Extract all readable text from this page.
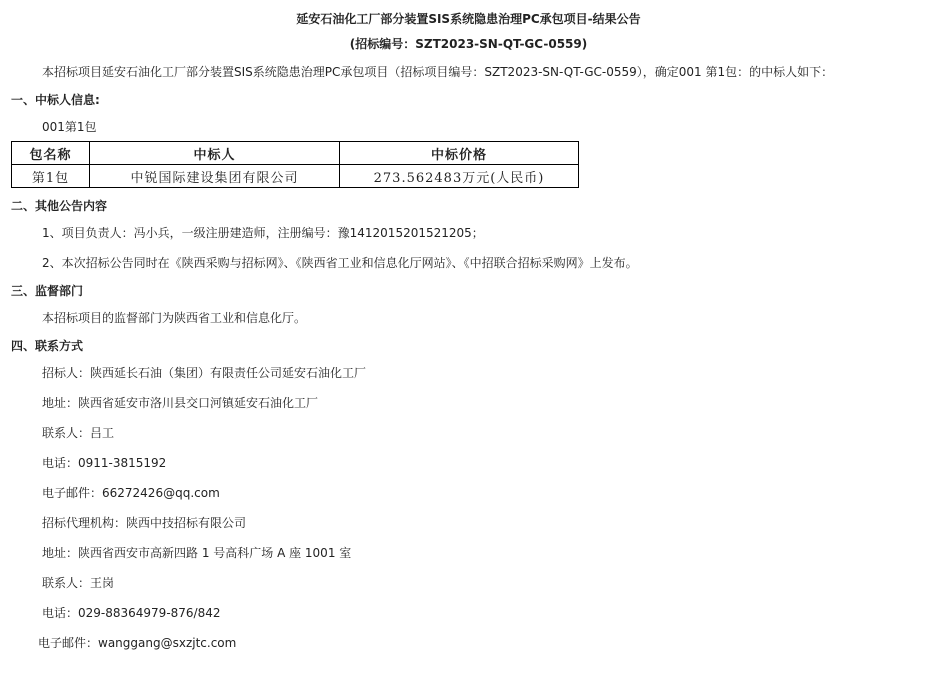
延安石油化工厂部分装置SIS系统隐患治理PC承包项目-结果公告
(招标编号：SZT2023-SN-QT-GC-0559)
本招标项目延安石油化工厂部分装置SIS系统隐患治理PC承包项目（招标项目编号：SZT2023-SN-QT-GC-0559），确定001 第1包：的中标人如下：
一、中标人信息:
001第1包
包名称	中标人	中标价格
第1包	中锐国际建设集团有限公司	273.562483万元(人民币)
二、其他公告内容
1、项目负责人：冯小兵，一级注册建造师，注册编号：豫1412015201521205；
2、本次招标公告同时在《陕西采购与招标网》、《陕西省工业和信息化厅网站》、《中招联合招标采购网》上发布。
三、监督部门
本招标项目的监督部门为陕西省工业和信息化厅。
四、联系方式
招标人：陕西延长石油（集团）有限责任公司延安石油化工厂
地址：陕西省延安市洛川县交口河镇延安石油化工厂
联系人：吕工
电话：0911-3815192
电子邮件：66272426@qq.com
招标代理机构：陕西中技招标有限公司
地址：陕西省西安市高新四路 1 号高科广场 A 座 1001 室
联系人：王岗
电话：029-88364979-876/842
电子邮件：wanggang@sxzjtc.com
